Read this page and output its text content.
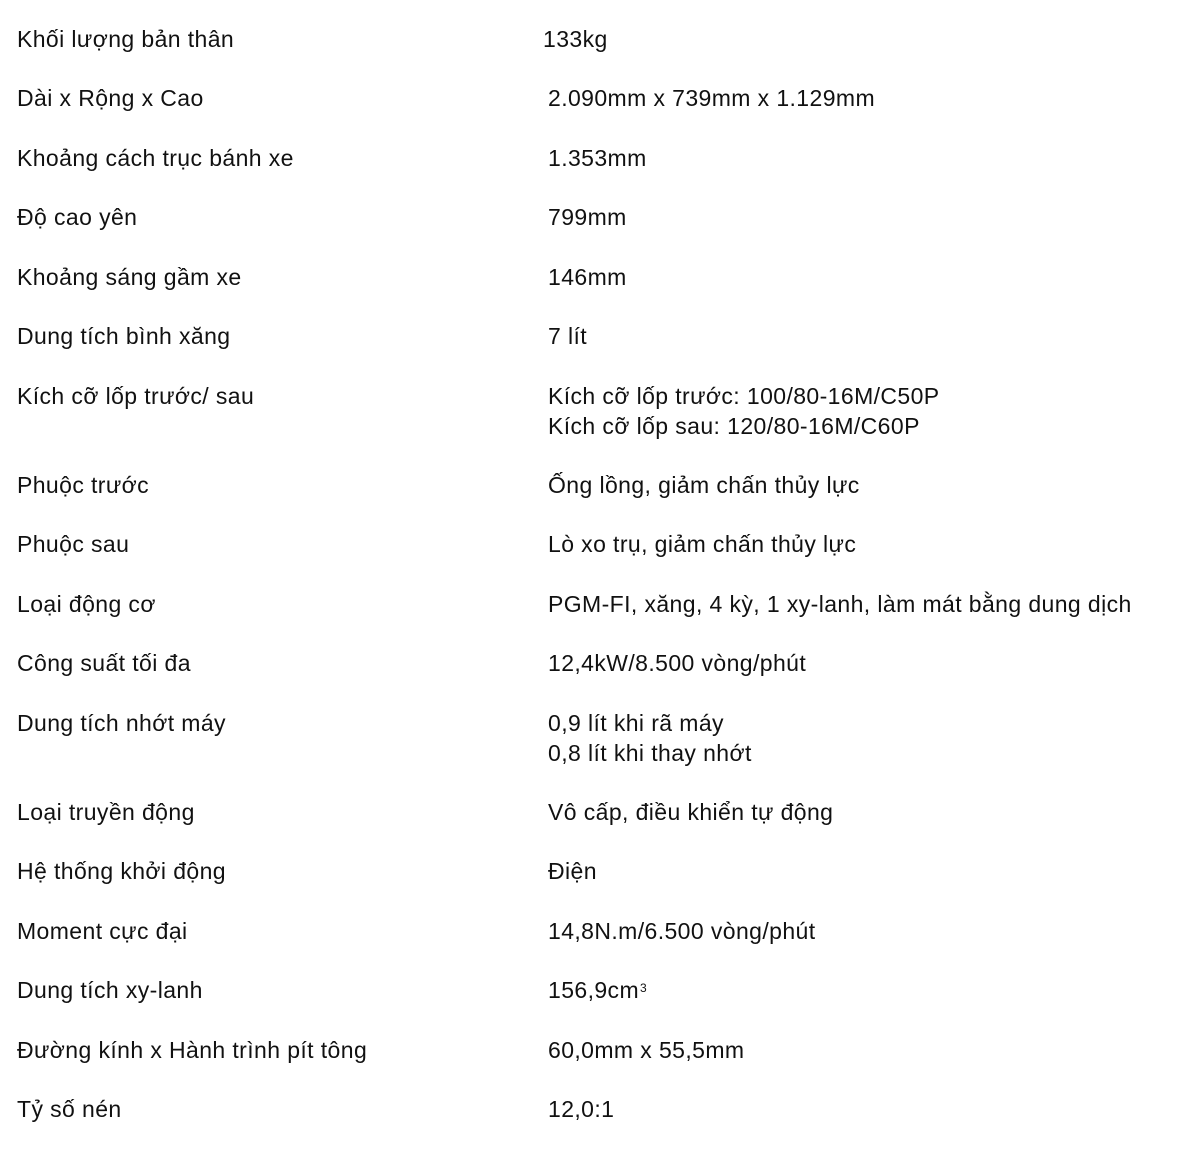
Khối lượng bản thân	133kg
Dài x Rộng x Cao	2.090mm x 739mm x 1.129mm
Khoảng cách trục bánh xe	1.353mm
Độ cao yên	799mm
Khoảng sáng gầm xe	146mm
Dung tích bình xăng	7 lít
Kích cỡ lốp trước/ sau	Kích cỡ lốp trước: 100/80-16M/C50P
Kích cỡ lốp sau: 120/80-16M/C60P
Phuộc trước	Ống lồng, giảm chấn thủy lực
Phuộc sau	Lò xo trụ, giảm chấn thủy lực
Loại động cơ	PGM-FI, xăng, 4 kỳ, 1 xy-lanh, làm mát bằng dung dịch
Công suất tối đa	12,4kW/8.500 vòng/phút
Dung tích nhớt máy	0,9 lít khi rã máy
0,8 lít khi thay nhớt
Loại truyền động	Vô cấp, điều khiển tự động
Hệ thống khởi động	Điện
Moment cực đại	14,8N.m/6.500 vòng/phút
Dung tích xy-lanh	$156,9cm^3$
Đường kính x Hành trình pít tông	60,0mm x 55,5mm
Tỷ số nén	12,0:1
